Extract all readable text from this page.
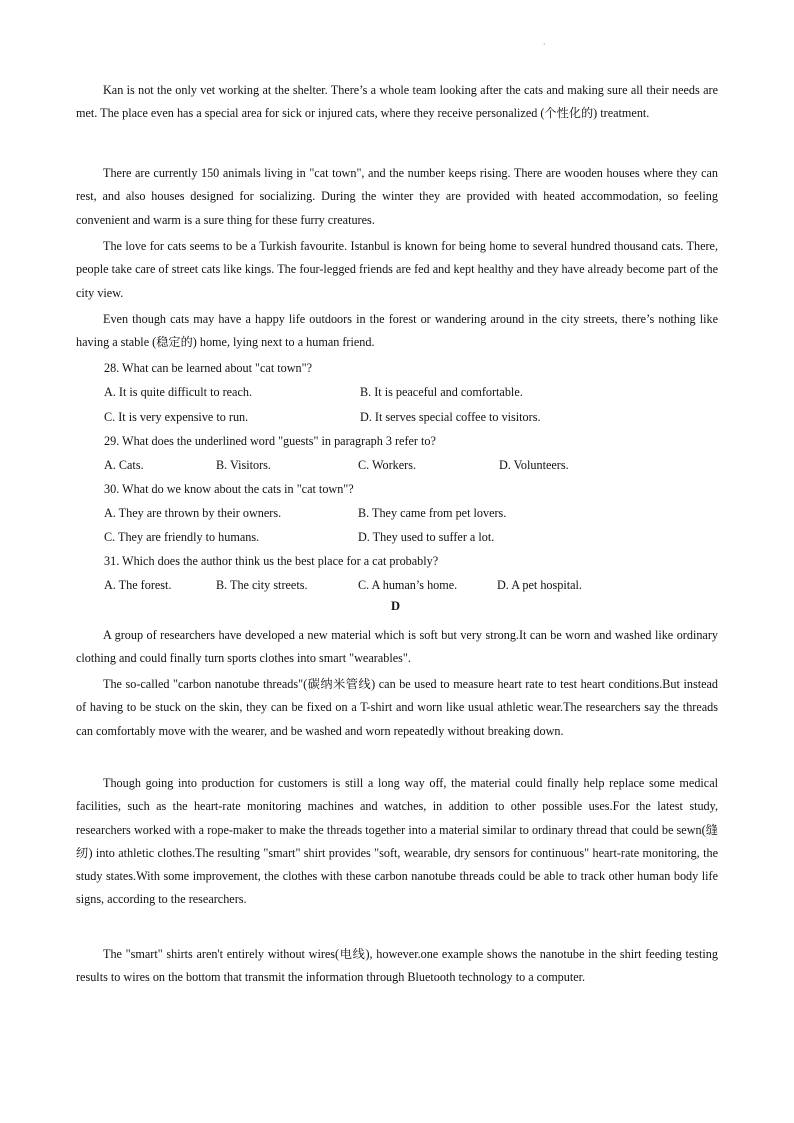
`

Kan is not the only vet working at the shelter. There’s a whole team looking after the cats and making sure all their needs are met. The place even has a special area for sick or injured cats, where they receive personalized (个性化的) treatment.

There are currently 150 animals living in "cat town", and the number keeps rising. There are wooden houses where they can rest, and also houses designed for socializing. During the winter they are provided with heated accommodation, so feeling convenient and warm is a sure thing for these furry creatures.

The love for cats seems to be a Turkish favourite. Istanbul is known for being home to several hundred thousand cats. There, people take care of street cats like kings. The four-legged friends are fed and kept healthy and they have already become part of the city view.

Even though cats may have a happy life outdoors in the forest or wandering around in the city streets, there’s nothing like having a stable (稳定的) home, lying next to a human friend.

28. What can be learned about "cat town"?
A. It is quite difficult to reach.	B. It is peaceful and comfortable.
C. It is very expensive to run.	D. It serves special coffee to visitors.
29. What does the underlined word "guests" in paragraph 3 refer to?
A. Cats.	B. Visitors.	C. Workers.	D. Volunteers.
30. What do we know about the cats in "cat town"?
A. They are thrown by their owners.	B. They came from pet lovers.
C. They are friendly to humans.	D. They used to suffer a lot.
31. Which does the author think us the best place for a cat probably?
A. The forest.	B. The city streets.	C. A human’s home.	D. A pet hospital.
D

A group of researchers have developed a new material which is soft but very strong.It can be worn and washed like ordinary clothing and could finally turn sports clothes into smart "wearables".

The so-called "carbon nanotube threads"(碳纳米管线) can be used to measure heart rate to test heart conditions.But instead of having to be stuck on the skin, they can be fixed on a T-shirt and worn like usual athletic wear.The researchers say the threads can comfortably move with the wearer, and be washed and worn repeatedly without breaking down.

Though going into production for customers is still a long way off, the material could finally help replace some medical facilities, such as the heart-rate monitoring machines and watches, in addition to other possible uses.For the latest study, researchers worked with a rope-maker to make the threads together into a material similar to ordinary thread that could be sewn(缝纫) into athletic clothes.The resulting "smart" shirt provides "soft, wearable, dry sensors for continuous" heart-rate monitoring, the study states.With some improvement, the clothes with these carbon nanotube threads could be able to track other human body life signs, according to the researchers.

The "smart" shirts aren't entirely without wires(电线), however.one example shows the nanotube in the shirt feeding testing results to wires on the bottom that transmit the information through Bluetooth technology to a computer.
